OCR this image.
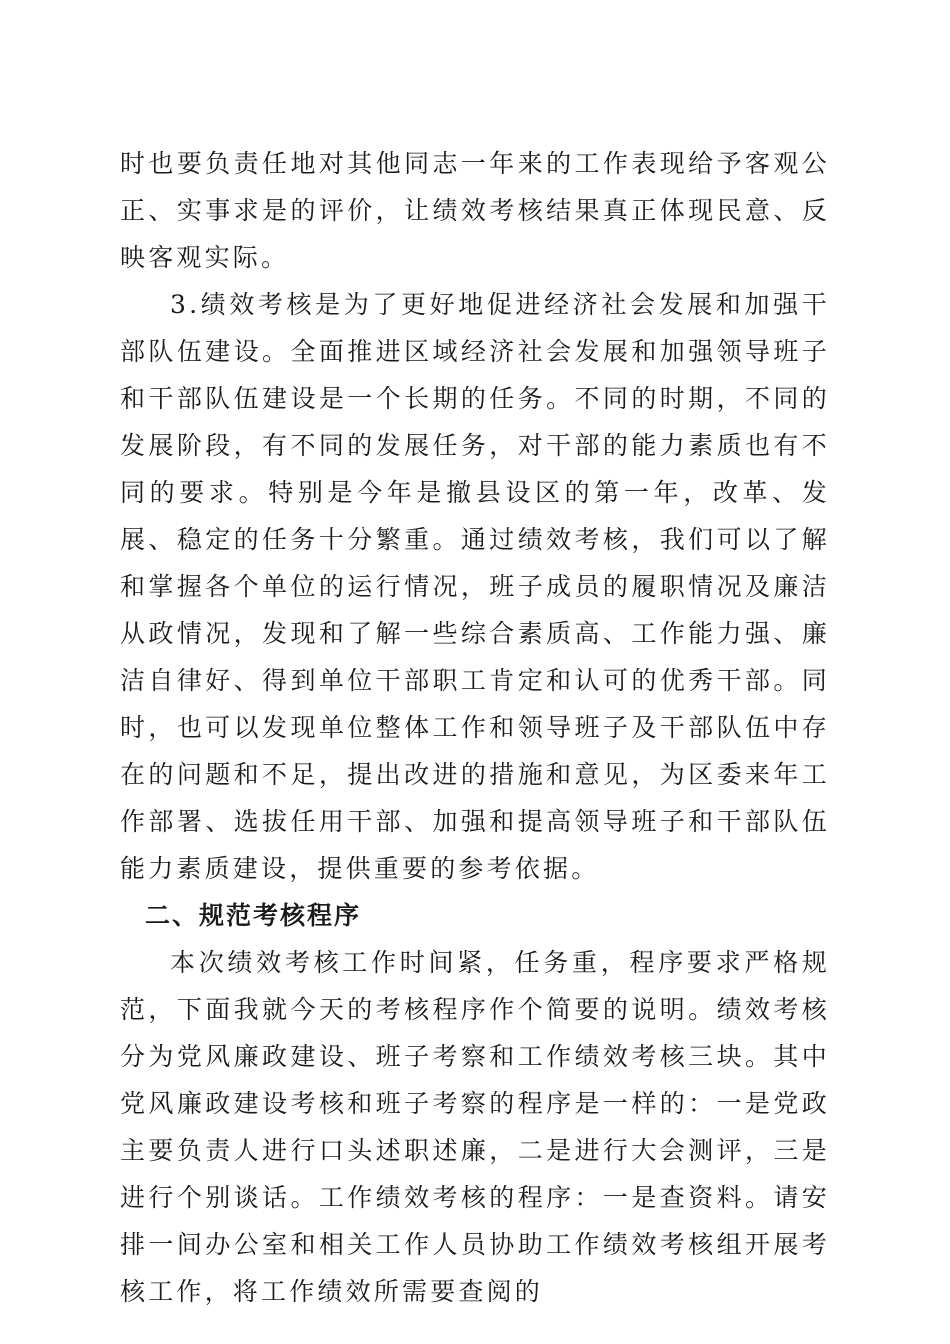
时也要负责任地对其他同志一年来的工作表现给予客观公正、实事求是的评价，让绩效考核结果真正体现民意、反映客观实际。

3.绩效考核是为了更好地促进经济社会发展和加强干部队伍建设。全面推进区域经济社会发展和加强领导班子和干部队伍建设是一个长期的任务。不同的时期，不同的发展阶段，有不同的发展任务，对干部的能力素质也有不同的要求。特别是今年是撤县设区的第一年，改革、发展、稳定的任务十分繁重。通过绩效考核，我们可以了解和掌握各个单位的运行情况，班子成员的履职情况及廉洁从政情况，发现和了解一些综合素质高、工作能力强、廉洁自律好、得到单位干部职工肯定和认可的优秀干部。同时，也可以发现单位整体工作和领导班子及干部队伍中存在的问题和不足，提出改进的措施和意见，为区委来年工作部署、选拔任用干部、加强和提高领导班子和干部队伍能力素质建设，提供重要的参考依据。

二、规范考核程序

本次绩效考核工作时间紧，任务重，程序要求严格规范，下面我就今天的考核程序作个简要的说明。绩效考核分为党风廉政建设、班子考察和工作绩效考核三块。其中党风廉政建设考核和班子考察的程序是一样的：一是党政主要负责人进行口头述职述廉，二是进行大会测评，三是进行个别谈话。工作绩效考核的程序：一是查资料。请安排一间办公室和相关工作人员协助工作绩效考核组开展考核工作，将工作绩效所需要查阅的
